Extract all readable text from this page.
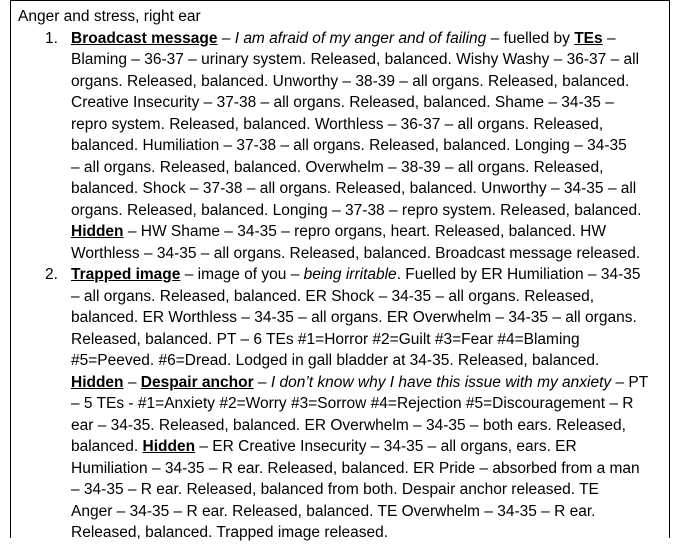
Anger and stress, right ear
1. Broadcast message – I am afraid of my anger and of failing – fuelled by TEs –
Blaming – 36-37 – urinary system. Released, balanced. Wishy Washy – 36-37 – all
organs. Released, balanced. Unworthy – 38-39 – all organs. Released, balanced.
Creative Insecurity – 37-38 – all organs. Released, balanced. Shame – 34-35 –
repro system. Released, balanced. Worthless – 36-37 – all organs. Released,
balanced. Humiliation – 37-38 – all organs. Released, balanced. Longing – 34-35
– all organs. Released, balanced. Overwhelm – 38-39 – all organs. Released,
balanced. Shock – 37-38 – all organs. Released, balanced. Unworthy – 34-35 – all
organs. Released, balanced. Longing – 37-38 – repro system. Released, balanced.
Hidden – HW Shame – 34-35 – repro organs, heart. Released, balanced. HW
Worthless – 34-35 – all organs. Released, balanced. Broadcast message released.
2. Trapped image – image of you – being irritable. Fuelled by ER Humiliation – 34-35
– all organs. Released, balanced. ER Shock – 34-35 – all organs. Released,
balanced. ER Worthless – 34-35 – all organs. ER Overwhelm – 34-35 – all organs.
Released, balanced. PT – 6 TEs #1=Horror #2=Guilt #3=Fear #4=Blaming
#5=Peeved. #6=Dread. Lodged in gall bladder at 34-35. Released, balanced.
Hidden – Despair anchor – I don’t know why I have this issue with my anxiety – PT
– 5 TEs - #1=Anxiety #2=Worry #3=Sorrow #4=Rejection #5=Discouragement – R
ear – 34-35. Released, balanced. ER Overwhelm – 34-35 – both ears. Released,
balanced. Hidden – ER Creative Insecurity – 34-35 – all organs, ears. ER
Humiliation – 34-35 – R ear. Released, balanced. ER Pride – absorbed from a man
– 34-35 – R ear. Released, balanced from both. Despair anchor released. TE
Anger – 34-35 – R ear. Released, balanced. TE Overwhelm – 34-35 – R ear.
Released, balanced. Trapped image released.
